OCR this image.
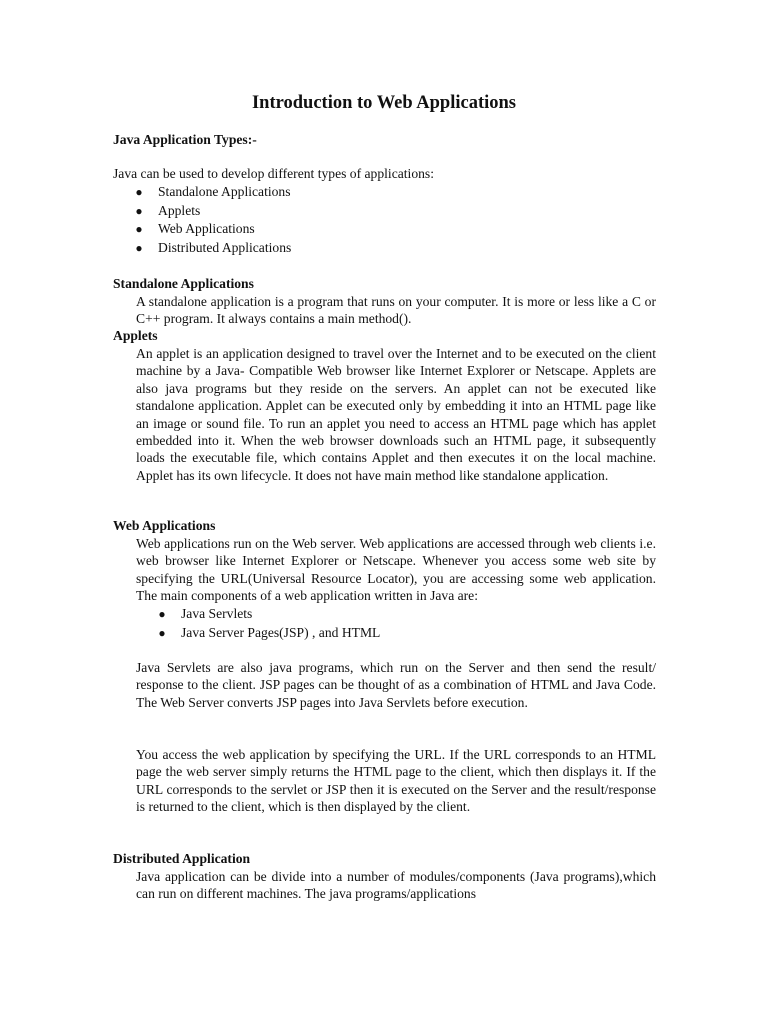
Introduction to Web Applications
Java Application Types:-

Java can be used to develop different types of applications:

● Standalone Applications
● Applets
● Web Applications
● Distributed Applications
Standalone Applications

A standalone application is a program that runs on your computer. It is more or less like a C or C++ program. It always contains a main method().

Applets

An applet is an application designed to travel over the Internet and to be executed on the client machine by a Java- Compatible Web browser like Internet Explorer or Netscape. Applets are also java programs but they reside on the servers. An applet can not be executed like standalone application. Applet can be executed only by embedding it into an HTML page like an image or sound file. To run an applet you need to access an HTML page which has applet embedded into it. When the web browser downloads such an HTML page, it subsequently loads the executable file, which contains Applet and then executes it on the local machine. Applet has its own lifecycle. It does not have main method like standalone application.

Web Applications

Web applications run on the Web server. Web applications are accessed through web clients i.e. web browser like Internet Explorer or Netscape. Whenever you access some web site by specifying the URL(Universal Resource Locator), you are accessing some web application. The main components of a web application written in Java are:

● Java Servlets
● Java Server Pages(JSP) , and HTML

Java Servlets are also java programs, which run on the Server and then send the result/ response to the client. JSP pages can be thought of as a combination of HTML and Java Code. The Web Server converts JSP pages into Java Servlets before execution.

You access the web application by specifying the URL. If the URL corresponds to an HTML page the web server simply returns the HTML page to the client, which then displays it. If the URL corresponds to the servlet or JSP then it is executed on the Server and the result/response is returned to the client, which is then displayed by the client.

Distributed Application

Java application can be divide into a number of modules/components (Java programs),which can run on different machines. The java programs/applications
